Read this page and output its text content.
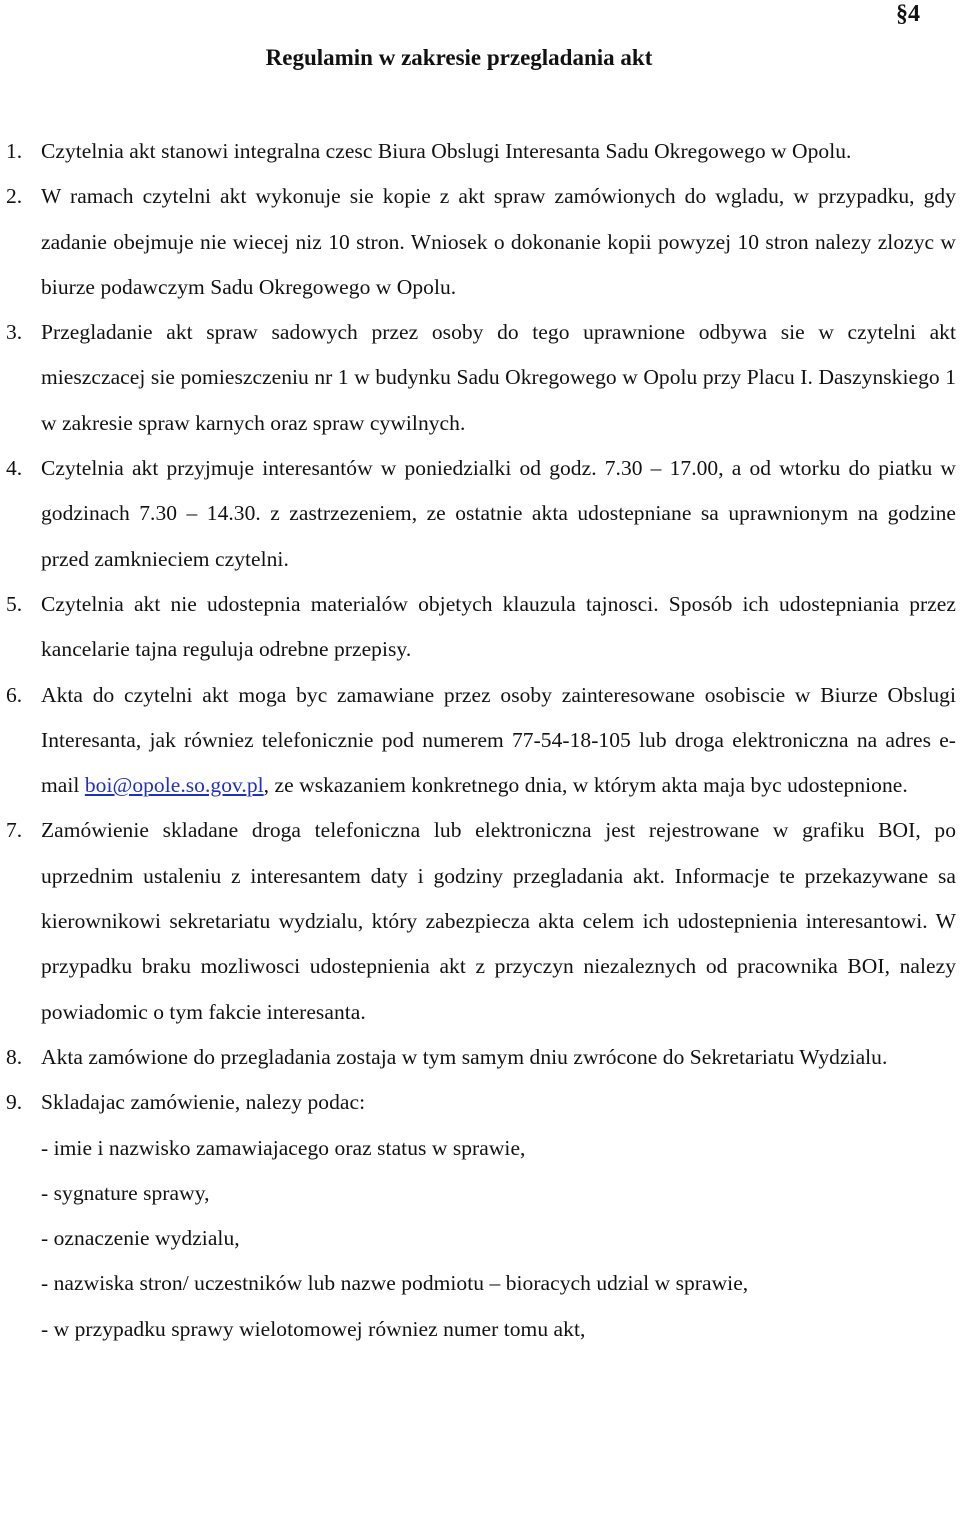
§4
Regulamin w zakresie przegladania akt
1. Czytelnia akt stanowi integralna czesc Biura Obslugi Interesanta Sadu Okregowego w Opolu.
2. W ramach czytelni akt wykonuje sie kopie z akt spraw zamówionych do wgladu, w przypadku, gdy zadanie obejmuje nie wiecej niz 10 stron. Wniosek o dokonanie kopii powyzej 10 stron nalezy zlozyc w biurze podawczym Sadu Okregowego w Opolu.
3. Przegladanie akt spraw sadowych przez osoby do tego uprawnione odbywa sie w czytelni akt mieszczacej sie pomieszczeniu nr 1 w budynku Sadu Okregowego w Opolu przy Placu I. Daszynskiego 1 w zakresie spraw karnych oraz spraw cywilnych.
4. Czytelnia akt przyjmuje interesantów w poniedzialki od godz. 7.30 – 17.00, a od wtorku do piatku w godzinach 7.30 – 14.30. z zastrzezeniem, ze ostatnie akta udostepniane sa uprawnionym na godzine przed zamknieciem czytelni.
5. Czytelnia akt nie udostepnia materialów objetych klauzula tajnosci. Sposób ich udostepniania przez kancelarie tajna reguluja odrebne przepisy.
6. Akta do czytelni akt moga byc zamawiane przez osoby zainteresowane osobiscie w Biurze Obslugi Interesanta, jak równiez telefonicznie pod numerem 77-54-18-105 lub droga elektroniczna na adres e-mail boi@opole.so.gov.pl, ze wskazaniem konkretnego dnia, w którym akta maja byc udostepnione.
7. Zamówienie skladane droga telefoniczna lub elektroniczna jest rejestrowane w grafiku BOI, po uprzednim ustaleniu z interesantem daty i godziny przegladania akt. Informacje te przekazywane sa kierownikowi sekretariatu wydzialu, który zabezpiecza akta celem ich udostepnienia interesantowi. W przypadku braku mozliwosci udostepnienia akt z przyczyn niezaleznych od pracownika BOI, nalezy powiadomic o tym fakcie interesanta.
8. Akta zamówione do przegladania zostaja w tym samym dniu zwrócone do Sekretariatu Wydzialu.
9. Skladajac zamówienie, nalezy podac:
- imie i nazwisko zamawiajacego oraz status w sprawie,
- sygnature sprawy,
- oznaczenie wydzialu,
- nazwiska stron/ uczestników lub nazwe podmiotu – bioracych udzial w sprawie,
- w przypadku sprawy wielotomowej równiez numer tomu akt,
